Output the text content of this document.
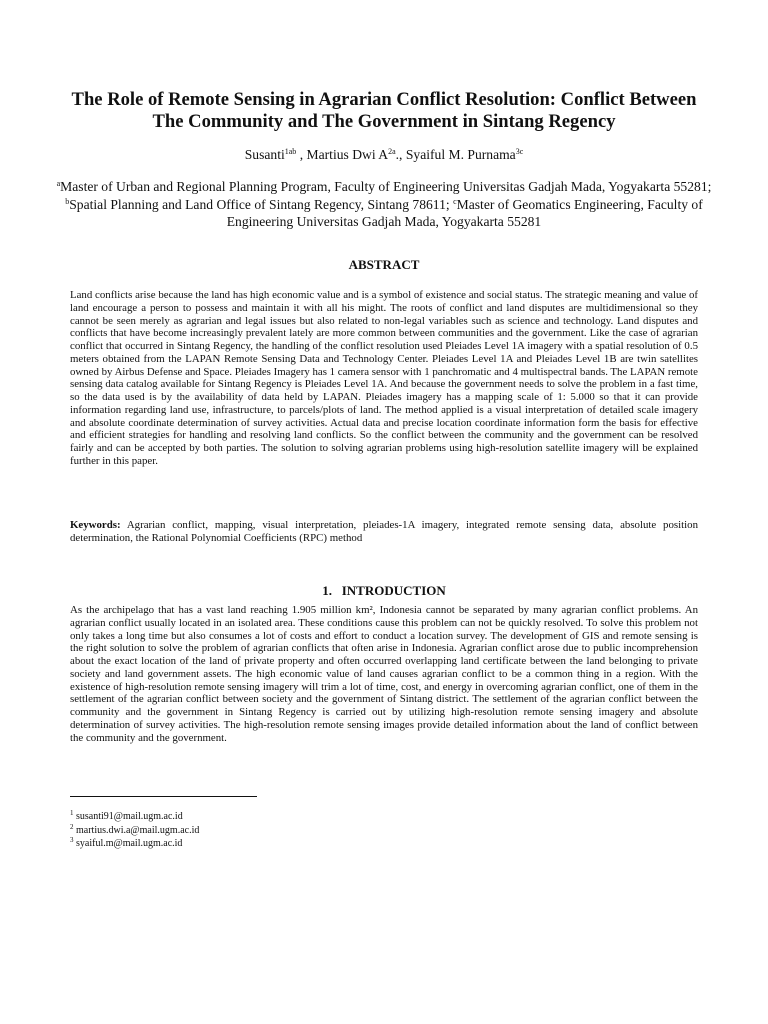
The Role of Remote Sensing in Agrarian Conflict Resolution: Conflict Between The Community and The Government in Sintang Regency
Susanti$^{1ab}$ , Martius Dwi $A^{2a}$., Syaiful M. Purnama$^{3c}$
$^a$Master of Urban and Regional Planning Program, Faculty of Engineering Universitas Gadjah Mada, Yogyakarta 55281; $^b$Spatial Planning and Land Office of Sintang Regency, Sintang 78611; $^c$Master of Geomatics Engineering, Faculty of Engineering Universitas Gadjah Mada, Yogyakarta 55281
ABSTRACT

Land conflicts arise because the land has high economic value and is a symbol of existence and social status. The strategic meaning and value of land encourage a person to possess and maintain it with all his might. The roots of conflict and land disputes are multidimensional so they cannot be seen merely as agrarian and legal issues but also related to non-legal variables such as science and technology. Land disputes and conflicts that have become increasingly prevalent lately are more common between communities and the government. Like the case of agrarian conflict that occurred in Sintang Regency, the handling of the conflict resolution used Pleiades Level 1A imagery with a spatial resolution of 0.5 meters obtained from the LAPAN Remote Sensing Data and Technology Center. Pleiades Level 1A and Pleiades Level 1B are twin satellites owned by Airbus Defense and Space. Pleiades Imagery has 1 camera sensor with 1 panchromatic and 4 multispectral bands. The LAPAN remote sensing data catalog available for Sintang Regency is Pleiades Level 1A. And because the government needs to solve the problem in a fast time, so the data used is by the availability of data held by LAPAN. Pleiades imagery has a mapping scale of 1: 5.000 so that it can provide information regarding land use, infrastructure, to parcels/plots of land. The method applied is a visual interpretation of detailed scale imagery and absolute coordinate determination of survey activities. Actual data and precise location coordinate information form the basis for effective and efficient strategies for handling and resolving land conflicts. So the conflict between the community and the government can be resolved fairly and can be accepted by both parties. The solution to solving agrarian problems using high-resolution satellite imagery will be explained further in this paper.

Keywords: Agrarian conflict, mapping, visual interpretation, pleiades-1A imagery, integrated remote sensing data, absolute position determination, the Rational Polynomial Coefficients (RPC) method

1.   INTRODUCTION

As the archipelago that has a vast land reaching 1.905 million km², Indonesia cannot be separated by many agrarian conflict problems. An agrarian conflict usually located in an isolated area. These conditions cause this problem can not be quickly resolved. To solve this problem not only takes a long time but also consumes a lot of costs and effort to conduct a location survey. The development of GIS and remote sensing is the right solution to solve the problem of agrarian conflicts that often arise in Indonesia. Agrarian conflict arose due to public incomprehension about the exact location of the land of private property and often occurred overlapping land certificate between the land belonging to private society and land government assets. The high economic value of land causes agrarian conflict to be a common thing in a region. With the existence of high-resolution remote sensing imagery will trim a lot of time, cost, and energy in overcoming agrarian conflict, one of them in the settlement of the agrarian conflict between society and the government of Sintang district. The settlement of the agrarian conflict between the community and the government in Sintang Regency is carried out by utilizing high-resolution remote sensing imagery and absolute determination of survey activities. The high-resolution remote sensing images provide detailed information about the land of conflict between the community and the government.

$^1$ susanti91@mail.ugm.ac.id
$^2$ martius.dwi.a@mail.ugm.ac.id
$^3$ syaiful.m@mail.ugm.ac.id
